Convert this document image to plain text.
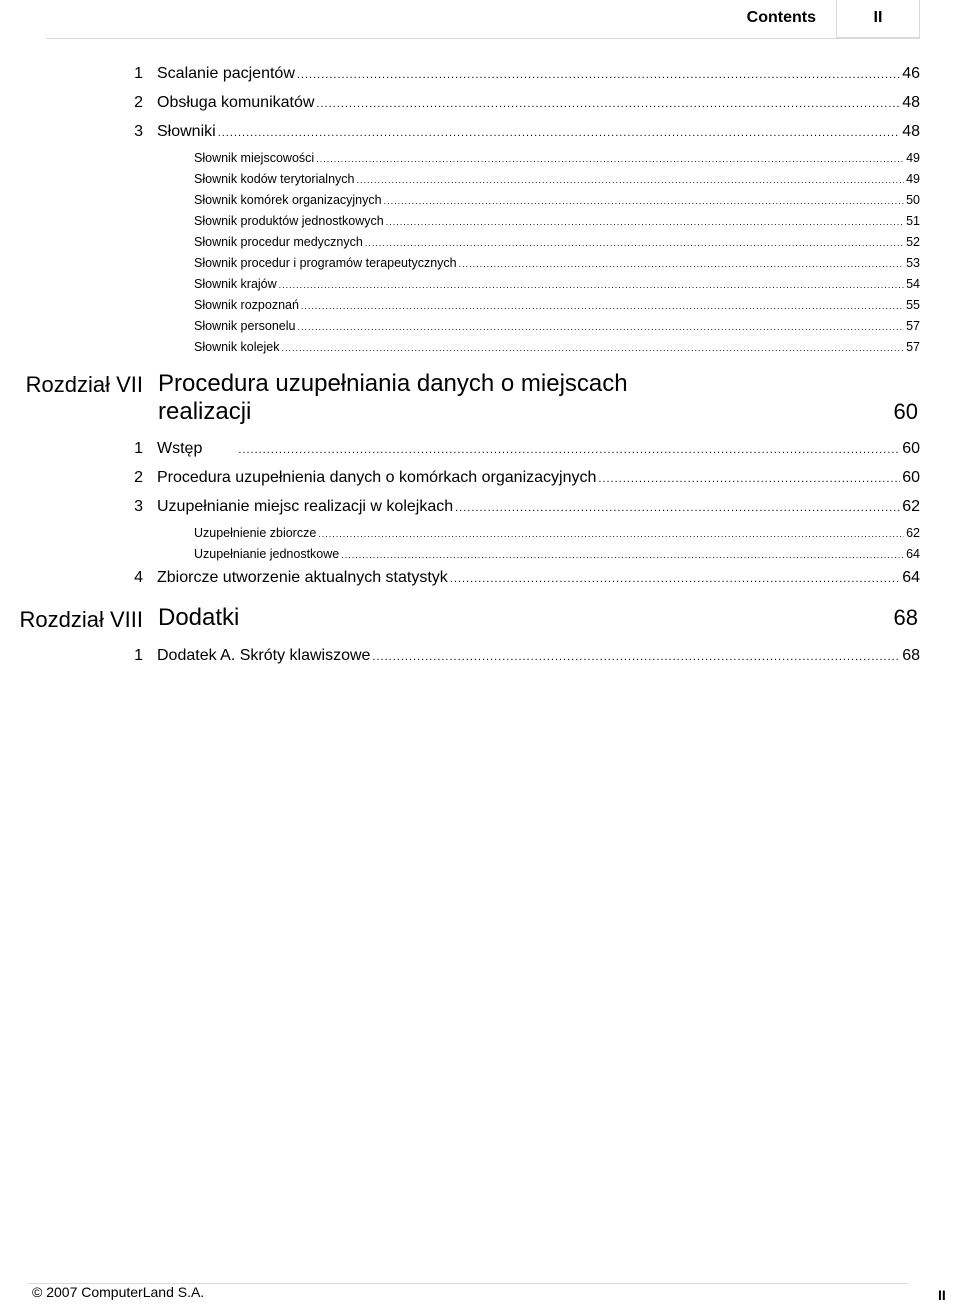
Contents	II
1 Scalanie pacjentów .....	46
2 Obsługa komunikatów .....	48
3 Słowniki .....	48
Słownik miejscowości .....	49
Słownik kodów terytorialnych .....	49
Słownik komórek organizacyjnych .....	50
Słownik produktów jednostkowych .....	51
Słownik procedur medycznych .....	52
Słownik procedur i programów terapeutycznych .....	53
Słownik krajów .....	54
Słownik rozpoznań .....	55
Słownik personelu .....	57
Słownik kolejek .....	57
Rozdział VII Procedura uzupełniania danych o miejscach
realizacji	60
1 Wstęp .....	60
2 Procedura uzupełnienia danych o komórkach organizacyjnych .....	60
3 Uzupełnianie miejsc realizacji w kolejkach .....	62
Uzupełnienie zbiorcze .....	62
Uzupełnianie jednostkowe .....	64
4 Zbiorcze utworzenie aktualnych statystyk .....	64
Rozdział VIII Dodatki	68
1 Dodatek A. Skróty klawiszowe .....	68
© 2007 ComputerLand S.A.	II
